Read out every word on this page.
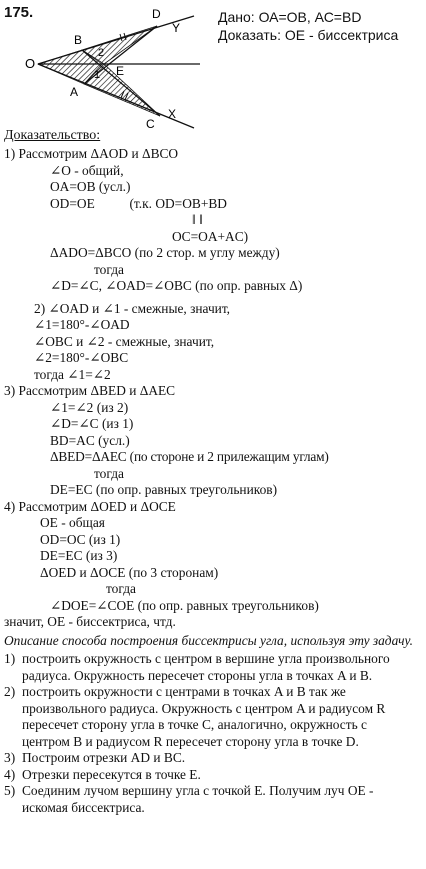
175.
O
B
D
Y
A
C
X
E
1
2
Дано: ОА=ОВ, АС=BD
Доказать: ОЕ - биссектриса
Доказательство:
1) Рассмотрим ΔAOD и ΔBCO
∠O - общий,
OA=OB (усл.)
OD=OE	(т.к. OD=OB+BD
‖ ‖
OC=OA+AC)
ΔADO=ΔBCO (по 2 стор. м углу между)
тогда
∠D=∠C, ∠OAD=∠OBC (по опр. равных Δ)
2) ∠OAD и ∠1 - смежные, значит,
∠1=180°-∠OAD
∠OBC и ∠2 - смежные, значит,
∠2=180°-∠OBC
тогда ∠1=∠2
3) Рассмотрим ΔBED и ΔAEC
∠1=∠2 (из 2)
∠D=∠C (из 1)
BD=AC (усл.)
ΔBED=ΔAEC (по стороне и 2 прилежащим углам)
тогда
DE=EC (по опр. равных треугольников)
4) Рассмотрим ΔOED и ΔOCE
OE - общая
OD=OC (из 1)
DE=EC (из 3)
ΔOED и ΔOCE (по 3 сторонам)
тогда
∠DOE=∠COE (по опр. равных треугольников)
значит, OE - биссектриса, чтд.
Описание способа построения биссектрисы угла, используя эту задачу.
1) построить окружность с центром в вершине угла произвольного радиуса. Окружность пересечет стороны угла в точках A и B.
2) построить окружности с центрами в точках A и B так же произвольного радиуса. Окружность с центром A и радиусом R пересечет сторону угла в точке C, аналогично, окружность с центром B и радиусом R пересечет сторону угла в точке D.
3) Построим отрезки AD и BC.
4) Отрезки пересекутся в точке E.
5) Соединим лучом вершину угла с точкой E. Получим луч OE - искомая биссектриса.
